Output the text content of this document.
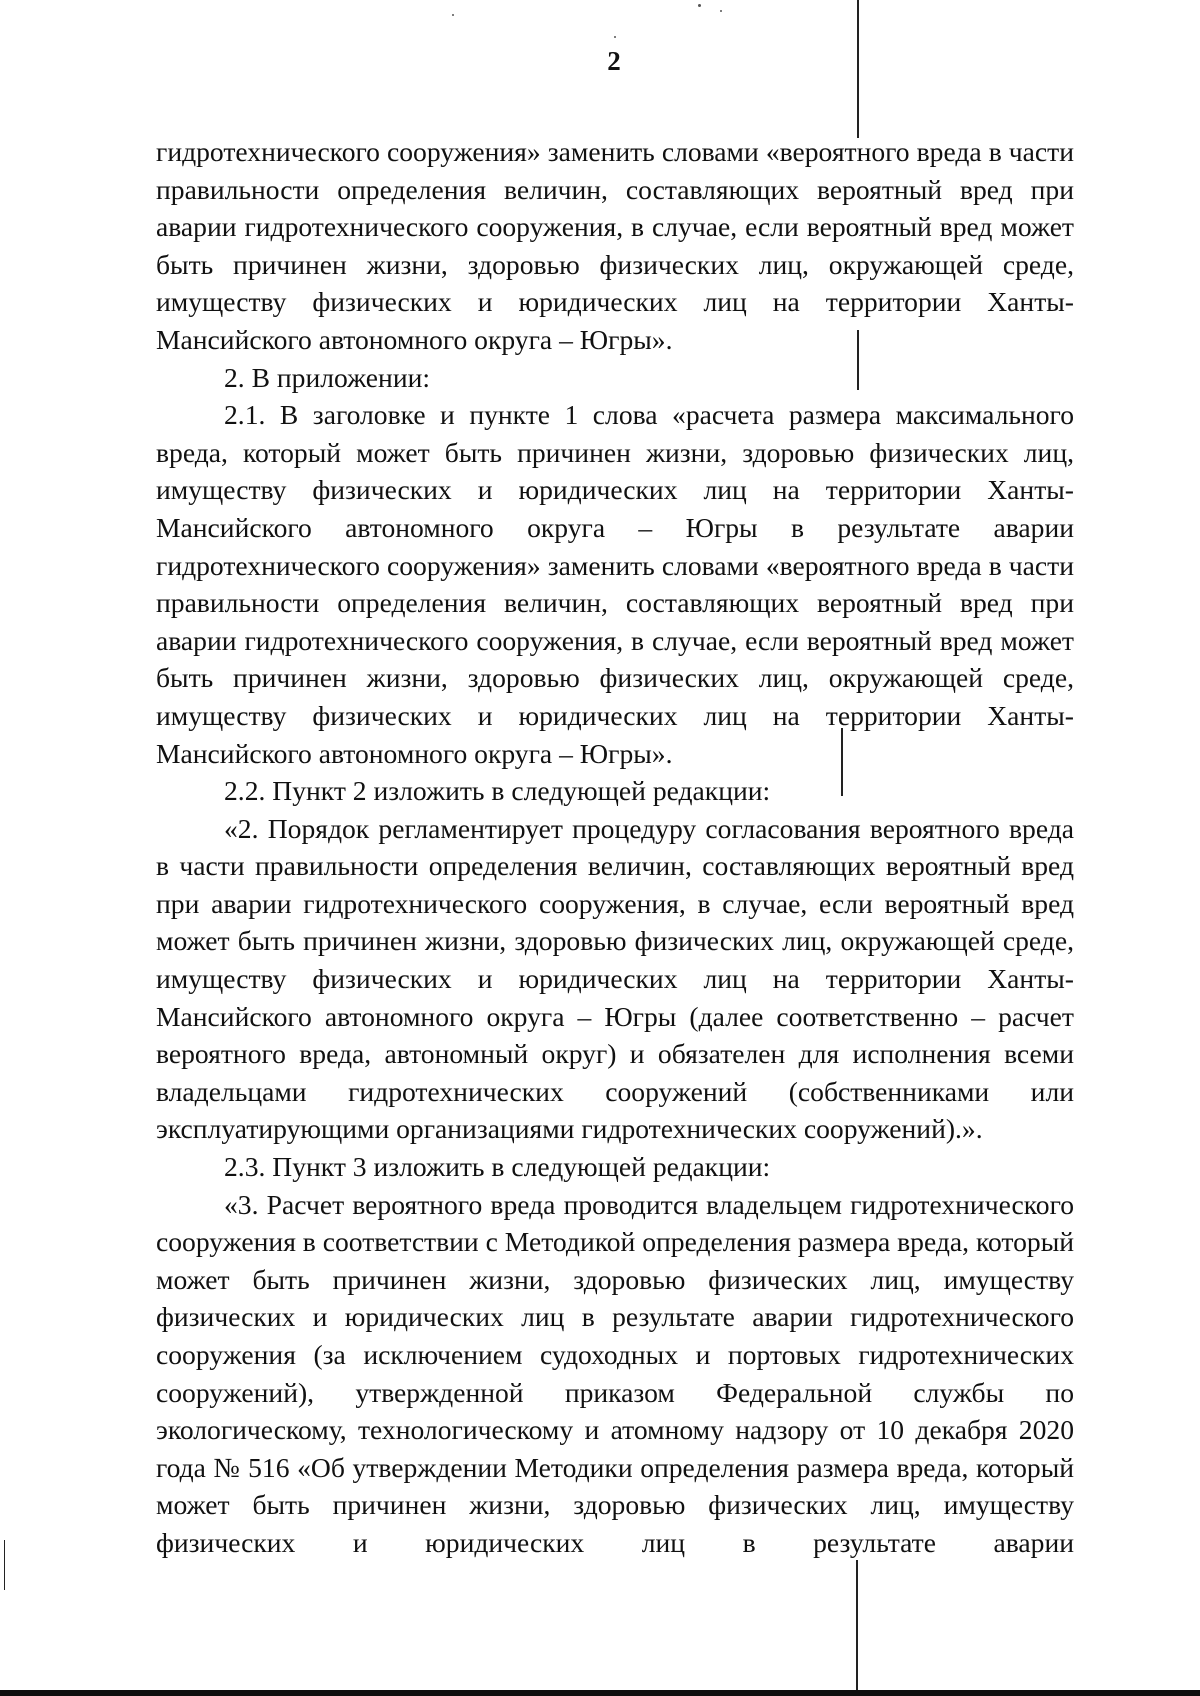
2

гидротехнического сооружения» заменить словами «вероятного вреда в части правильности определения величин, составляющих вероятный вред при аварии гидротехнического сооружения, в случае, если вероятный вред может быть причинен жизни, здоровью физических лиц, окружающей среде, имуществу физических и юридических лиц на территории Ханты-Мансийского автономного округа – Югры».

2. В приложении:

2.1. В заголовке и пункте 1 слова «расчета размера максимального вреда, который может быть причинен жизни, здоровью физических лиц, имуществу физических и юридических лиц на территории Ханты-Мансийского автономного округа – Югры в результате аварии гидротехнического сооружения» заменить словами «вероятного вреда в части правильности определения величин, составляющих вероятный вред при аварии гидротехнического сооружения, в случае, если вероятный вред может быть причинен жизни, здоровью физических лиц, окружающей среде, имуществу физических и юридических лиц на территории Ханты-Мансийского автономного округа – Югры».

2.2. Пункт 2 изложить в следующей редакции:

«2. Порядок регламентирует процедуру согласования вероятного вреда в части правильности определения величин, составляющих вероятный вред при аварии гидротехнического сооружения, в случае, если вероятный вред может быть причинен жизни, здоровью физических лиц, окружающей среде, имуществу физических и юридических лиц на территории Ханты-Мансийского автономного округа – Югры (далее соответственно – расчет вероятного вреда, автономный округ) и обязателен для исполнения всеми владельцами гидротехнических сооружений (собственниками или эксплуатирующими организациями гидротехнических сооружений).».

2.3. Пункт 3 изложить в следующей редакции:

«3. Расчет вероятного вреда проводится владельцем гидротехнического сооружения в соответствии с Методикой определения размера вреда, который может быть причинен жизни, здоровью физических лиц, имуществу физических и юридических лиц в результате аварии гидротехнического сооружения (за исключением судоходных и портовых гидротехнических сооружений), утвержденной приказом Федеральной службы по экологическому, технологическому и атомному надзору от 10 декабря 2020 года № 516 «Об утверждении Методики определения размера вреда, который может быть причинен жизни, здоровью физических лиц, имуществу физических и юридических лиц в результате аварии
